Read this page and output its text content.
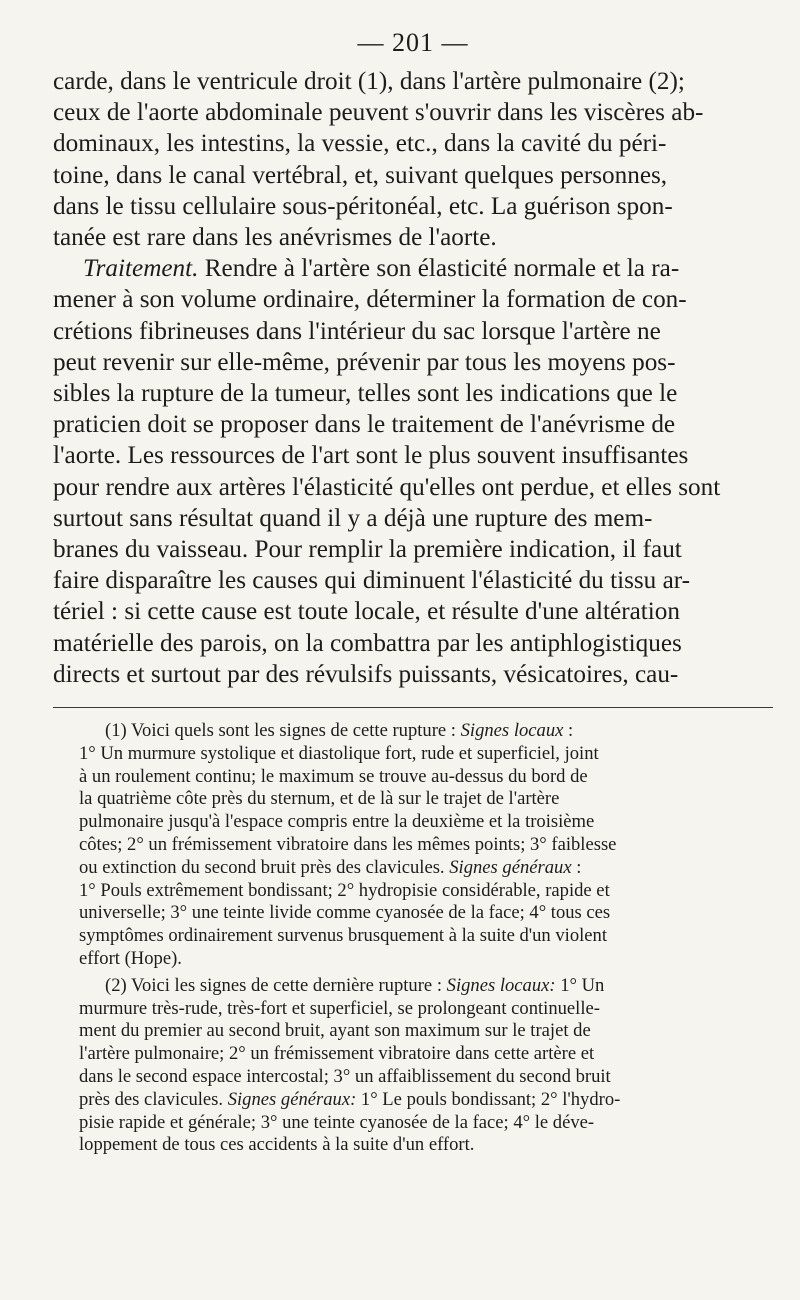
— 201 —

carde, dans le ventricule droit (1), dans l'artère pulmonaire (2);
ceux de l'aorte abdominale peuvent s'ouvrir dans les viscères ab-
dominaux, les intestins, la vessie, etc., dans la cavité du péri-
toine, dans le canal vertébral, et, suivant quelques personnes,
dans le tissu cellulaire sous-péritonéal, etc. La guérison spon-
tanée est rare dans les anévrismes de l'aorte.

Traitement. Rendre à l'artère son élasticité normale et la ra-
mener à son volume ordinaire, déterminer la formation de con-
crétions fibrineuses dans l'intérieur du sac lorsque l'artère ne
peut revenir sur elle-même, prévenir par tous les moyens pos-
sibles la rupture de la tumeur, telles sont les indications que le
praticien doit se proposer dans le traitement de l'anévrisme de
l'aorte. Les ressources de l'art sont le plus souvent insuffisantes
pour rendre aux artères l'élasticité qu'elles ont perdue, et elles sont
surtout sans résultat quand il y a déjà une rupture des mem-
branes du vaisseau. Pour remplir la première indication, il faut
faire disparaître les causes qui diminuent l'élasticité du tissu ar-
tériel : si cette cause est toute locale, et résulte d'une altération
matérielle des parois, on la combattra par les antiphlogistiques
directs et surtout par des révulsifs puissants, vésicatoires, cau-

(1) Voici quels sont les signes de cette rupture : Signes locaux :
1° Un murmure systolique et diastolique fort, rude et superficiel, joint
à un roulement continu; le maximum se trouve au-dessus du bord de
la quatrième côte près du sternum, et de là sur le trajet de l'artère
pulmonaire jusqu'à l'espace compris entre la deuxième et la troisième
côtes; 2° un frémissement vibratoire dans les mêmes points; 3° faiblesse
ou extinction du second bruit près des clavicules. Signes généraux :
1° Pouls extrêmement bondissant; 2° hydropisie considérable, rapide et
universelle; 3° une teinte livide comme cyanosée de la face; 4° tous ces
symptômes ordinairement survenus brusquement à la suite d'un violent
effort (Hope).
(2) Voici les signes de cette dernière rupture : Signes locaux: 1° Un
murmure très-rude, très-fort et superficiel, se prolongeant continuelle-
ment du premier au second bruit, ayant son maximum sur le trajet de
l'artère pulmonaire; 2° un frémissement vibratoire dans cette artère et
dans le second espace intercostal; 3° un affaiblissement du second bruit
près des clavicules. Signes généraux: 1° Le pouls bondissant; 2° l'hydro-
pisie rapide et générale; 3° une teinte cyanosée de la face; 4° le déve-
loppement de tous ces accidents à la suite d'un effort.
